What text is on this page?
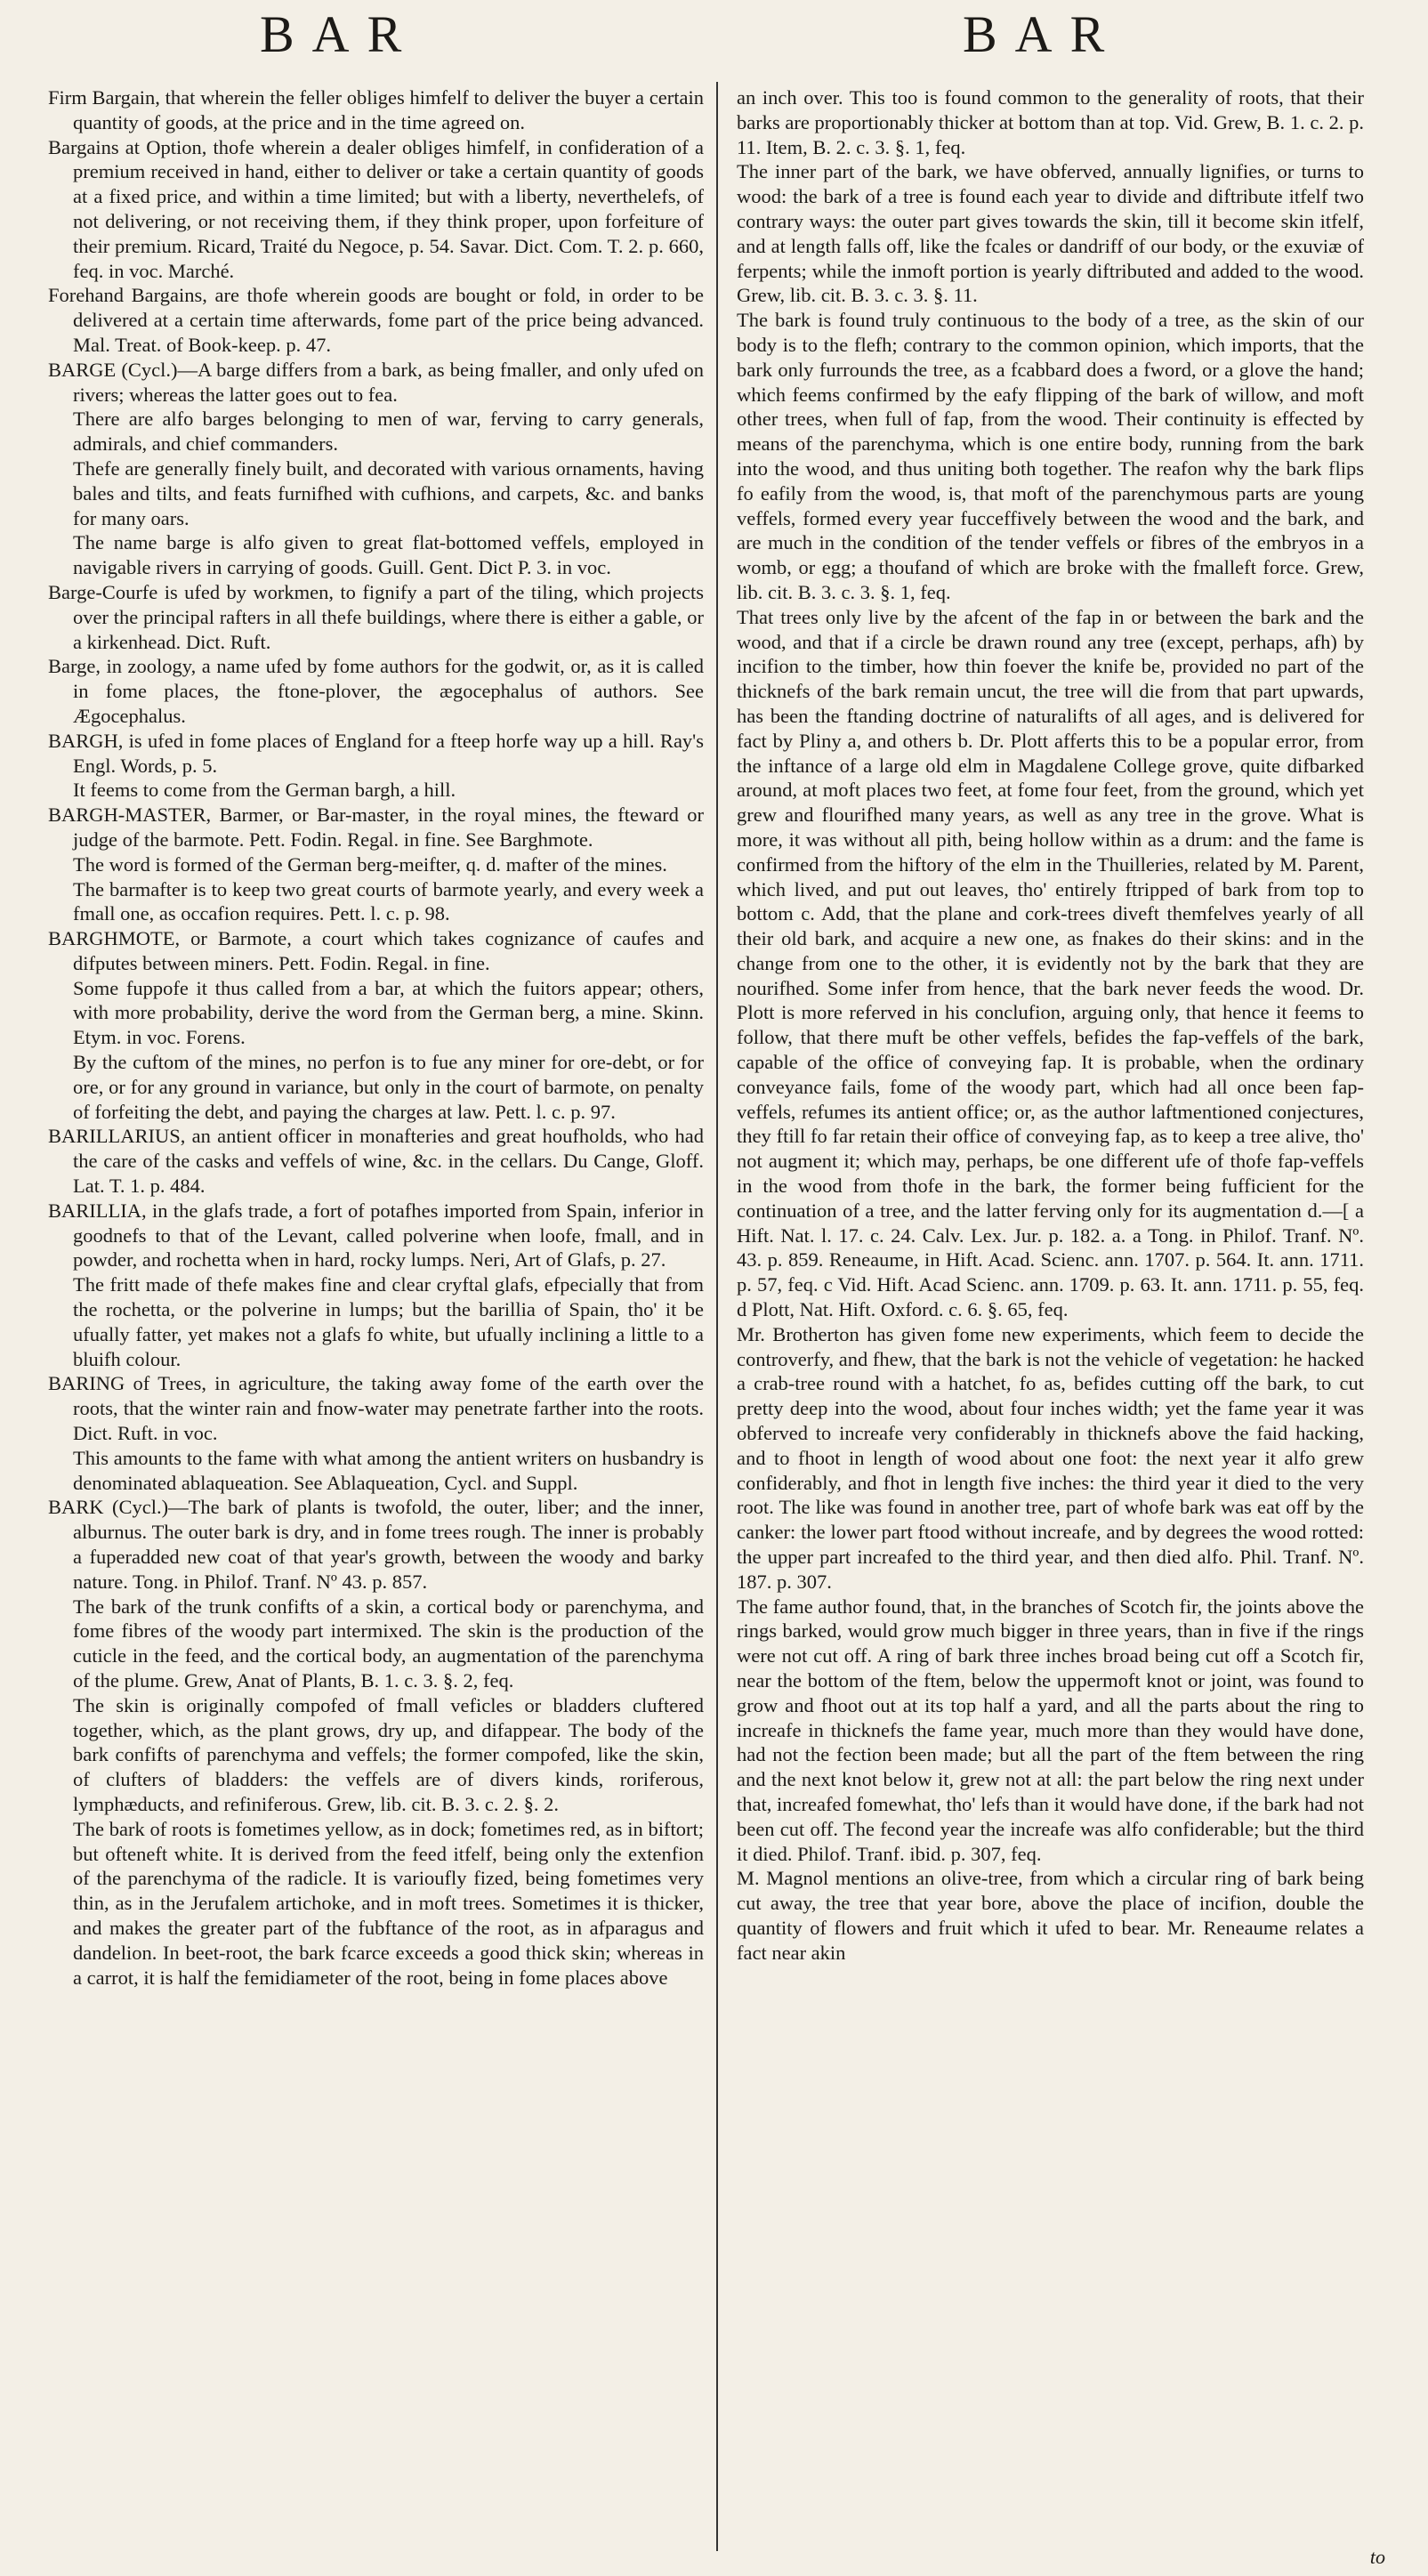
BAR	BAR

Firm Bargain, that wherein the feller obliges himfelf to deliver the buyer a certain quantity of goods, at the price and in the time agreed on.

Bargains at Option, thofe wherein a dealer obliges himfelf, in confideration of a premium received in hand, either to deliver or take a certain quantity of goods at a fixed price, and within a time limited; but with a liberty, neverthelefs, of not delivering, or not receiving them, if they think proper, upon forfeiture of their premium. Ricard, Traité du Negoce, p. 54. Savar. Dict. Com. T. 2. p. 660, feq. in voc. Marché.

Forehand Bargains, are thofe wherein goods are bought or fold, in order to be delivered at a certain time afterwards, fome part of the price being advanced. Mal. Treat. of Book-keep. p. 47.

BARGE (Cycl.)—A barge differs from a bark, as being fmaller, and only ufed on rivers; whereas the latter goes out to fea.

There are alfo barges belonging to men of war, ferving to carry generals, admirals, and chief commanders.

Thefe are generally finely built, and decorated with various ornaments, having bales and tilts, and feats furnifhed with cufhions, and carpets, &c. and banks for many oars.

The name barge is alfo given to great flat-bottomed veffels, employed in navigable rivers in carrying of goods. Guill. Gent. Dict P. 3. in voc.

Barge-Courfe is ufed by workmen, to fignify a part of the tiling, which projects over the principal rafters in all thefe buildings, where there is either a gable, or a kirkenhead. Dict. Ruft.

Barge, in zoology, a name ufed by fome authors for the godwit, or, as it is called in fome places, the ftone-plover, the ægocephalus of authors. See Ægocephalus.

BARGH, is ufed in fome places of England for a fteep horfe way up a hill. Ray's Engl. Words, p. 5.

It feems to come from the German bargh, a hill.

BARGH-MASTER, Barmer, or Bar-master, in the royal mines, the fteward or judge of the barmote. Pett. Fodin. Regal. in fine. See Barghmote.

The word is formed of the German berg-meifter, q. d. mafter of the mines.

The barmafter is to keep two great courts of barmote yearly, and every week a fmall one, as occafion requires. Pett. l. c. p. 98.

BARGHMOTE, or Barmote, a court which takes cognizance of caufes and difputes between miners. Pett. Fodin. Regal. in fine.

Some fuppofe it thus called from a bar, at which the fuitors appear; others, with more probability, derive the word from the German berg, a mine. Skinn. Etym. in voc. Forens.

By the cuftom of the mines, no perfon is to fue any miner for ore-debt, or for ore, or for any ground in variance, but only in the court of barmote, on penalty of forfeiting the debt, and paying the charges at law. Pett. l. c. p. 97.

BARILLARIUS, an antient officer in monafteries and great houfholds, who had the care of the casks and veffels of wine, &c. in the cellars. Du Cange, Gloff. Lat. T. 1. p. 484.

BARILLIA, in the glafs trade, a fort of potafhes imported from Spain, inferior in goodnefs to that of the Levant, called polverine when loofe, fmall, and in powder, and rochetta when in hard, rocky lumps. Neri, Art of Glafs, p. 27.

The fritt made of thefe makes fine and clear cryftal glafs, efpecially that from the rochetta, or the polverine in lumps; but the barillia of Spain, tho' it be ufually fatter, yet makes not a glafs fo white, but ufually inclining a little to a bluifh colour.

BARING of Trees, in agriculture, the taking away fome of the earth over the roots, that the winter rain and fnow-water may penetrate farther into the roots. Dict. Ruft. in voc.

This amounts to the fame with what among the antient writers on husbandry is denominated ablaqueation. See Ablaqueation, Cycl. and Suppl.

BARK (Cycl.)—The bark of plants is twofold, the outer, liber; and the inner, alburnus. The outer bark is dry, and in fome trees rough. The inner is probably a fuperadded new coat of that year's growth, between the woody and barky nature. Tong. in Philof. Tranf. Nº 43. p. 857.

The bark of the trunk confifts of a skin, a cortical body or parenchyma, and fome fibres of the woody part intermixed. The skin is the production of the cuticle in the feed, and the cortical body, an augmentation of the parenchyma of the plume. Grew, Anat of Plants, B. 1. c. 3. §. 2, feq.

The skin is originally compofed of fmall veficles or bladders cluftered together, which, as the plant grows, dry up, and difappear. The body of the bark confifts of parenchyma and veffels; the former compofed, like the skin, of clufters of bladders: the veffels are of divers kinds, roriferous, lymphæducts, and refiniferous. Grew, lib. cit. B. 3. c. 2. §. 2.

The bark of roots is fometimes yellow, as in dock; fometimes red, as in biftort; but ofteneft white. It is derived from the feed itfelf, being only the extenfion of the parenchyma of the radicle. It is varioufly fized, being fometimes very thin, as in the Jerufalem artichoke, and in moft trees. Sometimes it is thicker, and makes the greater part of the fubftance of the root, as in afparagus and dandelion. In beet-root, the bark fcarce exceeds a good thick skin; whereas in a carrot, it is half the femidiameter of the root, being in fome places above

an inch over. This too is found common to the generality of roots, that their barks are proportionably thicker at bottom than at top. Vid. Grew, B. 1. c. 2. p. 11. Item, B. 2. c. 3. §. 1, feq.

The inner part of the bark, we have obferved, annually lignifies, or turns to wood: the bark of a tree is found each year to divide and diftribute itfelf two contrary ways: the outer part gives towards the skin, till it become skin itfelf, and at length falls off, like the fcales or dandriff of our body, or the exuviæ of ferpents; while the inmoft portion is yearly diftributed and added to the wood. Grew, lib. cit. B. 3. c. 3. §. 11.

The bark is found truly continuous to the body of a tree, as the skin of our body is to the flefh; contrary to the common opinion, which imports, that the bark only furrounds the tree, as a fcabbard does a fword, or a glove the hand; which feems confirmed by the eafy flipping of the bark of willow, and moft other trees, when full of fap, from the wood. Their continuity is effected by means of the parenchyma, which is one entire body, running from the bark into the wood, and thus uniting both together. The reafon why the bark flips fo eafily from the wood, is, that moft of the parenchymous parts are young veffels, formed every year fucceffively between the wood and the bark, and are much in the condition of the tender veffels or fibres of the embryos in a womb, or egg; a thoufand of which are broke with the fmalleft force. Grew, lib. cit. B. 3. c. 3. §. 1, feq.

That trees only live by the afcent of the fap in or between the bark and the wood, and that if a circle be drawn round any tree (except, perhaps, afh) by incifion to the timber, how thin foever the knife be, provided no part of the thicknefs of the bark remain uncut, the tree will die from that part upwards, has been the ftanding doctrine of naturalifts of all ages, and is delivered for fact by Pliny a, and others b. Dr. Plott afferts this to be a popular error, from the inftance of a large old elm in Magdalene College grove, quite difbarked around, at moft places two feet, at fome four feet, from the ground, which yet grew and flourifhed many years, as well as any tree in the grove. What is more, it was without all pith, being hollow within as a drum: and the fame is confirmed from the hiftory of the elm in the Thuilleries, related by M. Parent, which lived, and put out leaves, tho' entirely ftripped of bark from top to bottom c. Add, that the plane and cork-trees diveft themfelves yearly of all their old bark, and acquire a new one, as fnakes do their skins: and in the change from one to the other, it is evidently not by the bark that they are nourifhed. Some infer from hence, that the bark never feeds the wood. Dr. Plott is more referved in his conclufion, arguing only, that hence it feems to follow, that there muft be other veffels, befides the fap-veffels of the bark, capable of the office of conveying fap. It is probable, when the ordinary conveyance fails, fome of the woody part, which had all once been fap-veffels, refumes its antient office; or, as the author laftmentioned conjectures, they ftill fo far retain their office of conveying fap, as to keep a tree alive, tho' not augment it; which may, perhaps, be one different ufe of thofe fap-veffels in the wood from thofe in the bark, the former being fufficient for the continuation of a tree, and the latter ferving only for its augmentation d.—[ a Hift. Nat. l. 17. c. 24. Calv. Lex. Jur. p. 182. a. a Tong. in Philof. Tranf. Nº. 43. p. 859. Reneaume, in Hift. Acad. Scienc. ann. 1707. p. 564. It. ann. 1711. p. 57, feq. c Vid. Hift. Acad Scienc. ann. 1709. p. 63. It. ann. 1711. p. 55, feq. d Plott, Nat. Hift. Oxford. c. 6. §. 65, feq.

Mr. Brotherton has given fome new experiments, which feem to decide the controverfy, and fhew, that the bark is not the vehicle of vegetation: he hacked a crab-tree round with a hatchet, fo as, befides cutting off the bark, to cut pretty deep into the wood, about four inches width; yet the fame year it was obferved to increafe very confiderably in thicknefs above the faid hacking, and to fhoot in length of wood about one foot: the next year it alfo grew confiderably, and fhot in length five inches: the third year it died to the very root. The like was found in another tree, part of whofe bark was eat off by the canker: the lower part ftood without increafe, and by degrees the wood rotted: the upper part increafed to the third year, and then died alfo. Phil. Tranf. Nº. 187. p. 307.

The fame author found, that, in the branches of Scotch fir, the joints above the rings barked, would grow much bigger in three years, than in five if the rings were not cut off. A ring of bark three inches broad being cut off a Scotch fir, near the bottom of the ftem, below the uppermoft knot or joint, was found to grow and fhoot out at its top half a yard, and all the parts about the ring to increafe in thicknefs the fame year, much more than they would have done, had not the fection been made; but all the part of the ftem between the ring and the next knot below it, grew not at all: the part below the ring next under that, increafed fomewhat, tho' lefs than it would have done, if the bark had not been cut off. The fecond year the increafe was alfo confiderable; but the third it died. Philof. Tranf. ibid. p. 307, feq.

M. Magnol mentions an olive-tree, from which a circular ring of bark being cut away, the tree that year bore, above the place of incifion, double the quantity of flowers and fruit which it ufed to bear. Mr. Reneaume relates a fact near akin

to
